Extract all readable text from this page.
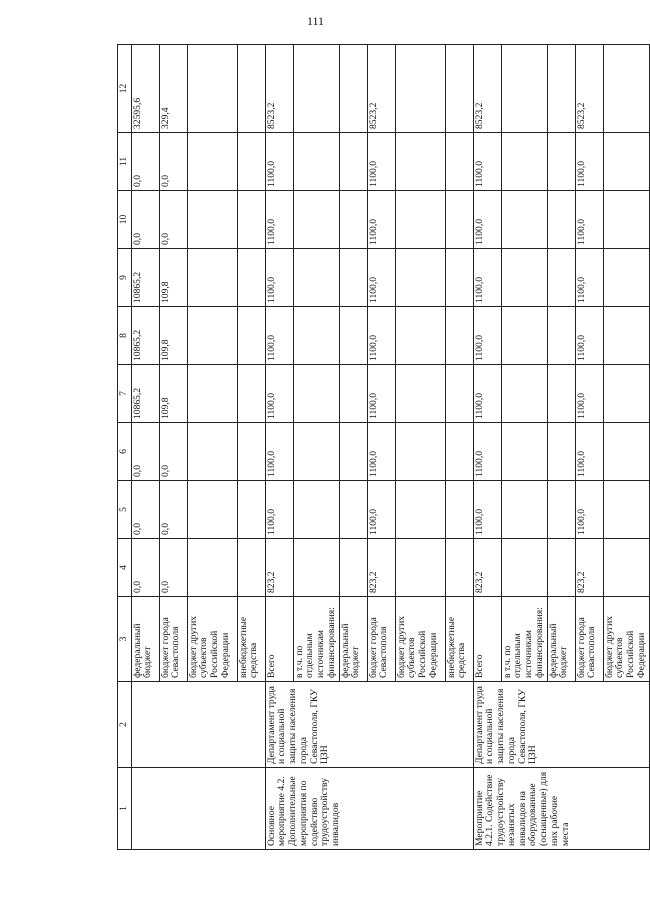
111
1	2	3	4	5	6	7	8	9	10	11	12
		федеральный бюджет	0,0	0,0	0,0	10865,2	10865,2	10865,2	0,0	0,0	32595,6
		бюджет города Севастополя	0,0	0,0	0,0	109,8	109,8	109,8	0,0	0,0	329,4
		бюджет других субъектов Российской Федерации									
		внебюджетные средства									
Основное мероприятие 4.2. Дополнительные мероприятия по содействию трудоустройству инвалидов	Департамент труда и социальной защиты населения города Севастополя, ГКУ ЦЗН	Всего	823,2	1100,0	1100,0	1100,0	1100,0	1100,0	1100,0	1100,0	8523,2
		в т.ч. по отдельным источникам финансирования:									
		федеральный бюджет									
		бюджет города Севастополя	823,2	1100,0	1100,0	1100,0	1100,0	1100,0	1100,0	1100,0	8523,2
		бюджет других субъектов Российской Федерации									
		внебюджетные средства									
Мероприятие 4.2.1. Содействие трудоустройству незанятых инвалидов на оборудованные (оснащенные) для них рабочие места	Департамент труда и социальной защиты населения города Севастополя, ГКУ ЦЗН	Всего	823,2	1100,0	1100,0	1100,0	1100,0	1100,0	1100,0	1100,0	8523,2
		в т.ч. по отдельным источникам финансирования:									
		федеральный бюджет									
		бюджет города Севастополя	823,2	1100,0	1100,0	1100,0	1100,0	1100,0	1100,0	1100,0	8523,2
		бюджет других субъектов Российской Федерации									
